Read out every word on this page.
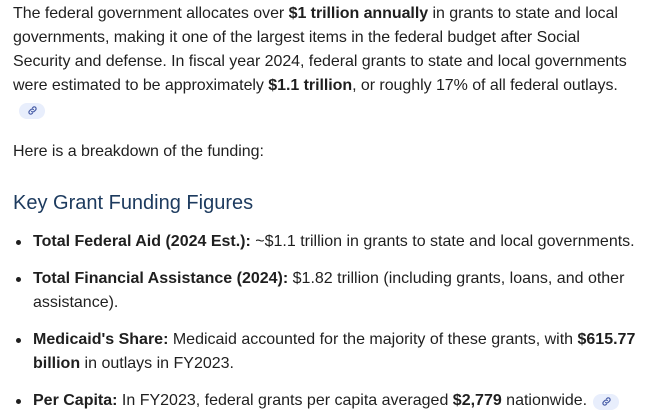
The federal government allocates over $1 trillion annually in grants to state and local governments, making it one of the largest items in the federal budget after Social Security and defense. In fiscal year 2024, federal grants to state and local governments were estimated to be approximately $1.1 trillion, or roughly 17% of all federal outlays.

Here is a breakdown of the funding:

Key Grant Funding Figures
Total Federal Aid (2024 Est.): ~$1.1 trillion in grants to state and local governments.
Total Financial Assistance (2024): $1.82 trillion (including grants, loans, and other assistance).
Medicaid's Share: Medicaid accounted for the majority of these grants, with $615.77 billion in outlays in FY2023.
Per Capita: In FY2023, federal grants per capita averaged $2,779 nationwide.
